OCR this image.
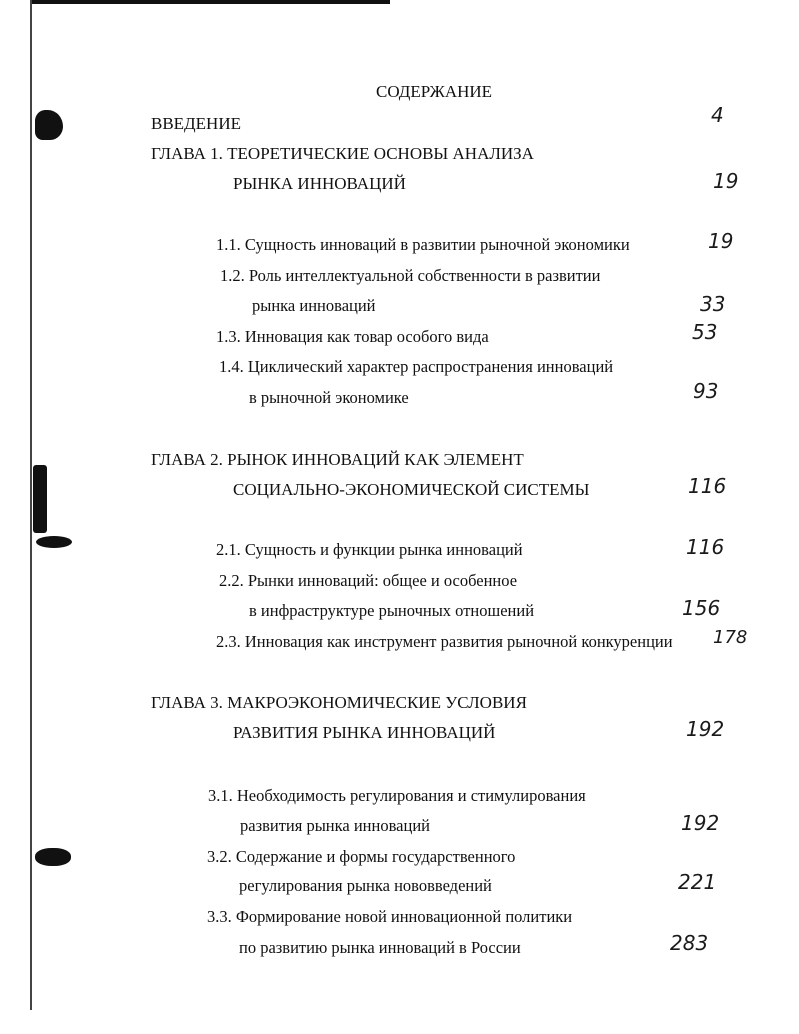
СОДЕРЖАНИЕ
ВВЕДЕНИЕ	4
ГЛАВА 1. ТЕОРЕТИЧЕСКИЕ ОСНОВЫ АНАЛИЗА
РЫНКА ИННОВАЦИЙ	19
1.1. Сущность инноваций в развитии рыночной экономики	19
1.2. Роль интеллектуальной собственности в развитии
рынка инноваций	33
1.3. Инновация как товар особого вида	53
1.4. Циклический характер распространения инноваций
в рыночной экономике	93
ГЛАВА 2. РЫНОК ИННОВАЦИЙ КАК ЭЛЕМЕНТ
СОЦИАЛЬНО-ЭКОНОМИЧЕСКОЙ СИСТЕМЫ	116
2.1. Сущность и функции рынка инноваций	116
2.2. Рынки инноваций: общее и особенное
в инфраструктуре рыночных отношений	156
2.3. Инновация как инструмент развития рыночной конкуренции 178
ГЛАВА 3. МАКРОЭКОНОМИЧЕСКИЕ УСЛОВИЯ
РАЗВИТИЯ РЫНКА ИННОВАЦИЙ	192
3.1. Необходимость регулирования и стимулирования
развития рынка инноваций	192
3.2. Содержание и формы государственного
регулирования рынка нововведений	221
3.3. Формирование новой инновационной политики
по развитию рынка инноваций в России	283
